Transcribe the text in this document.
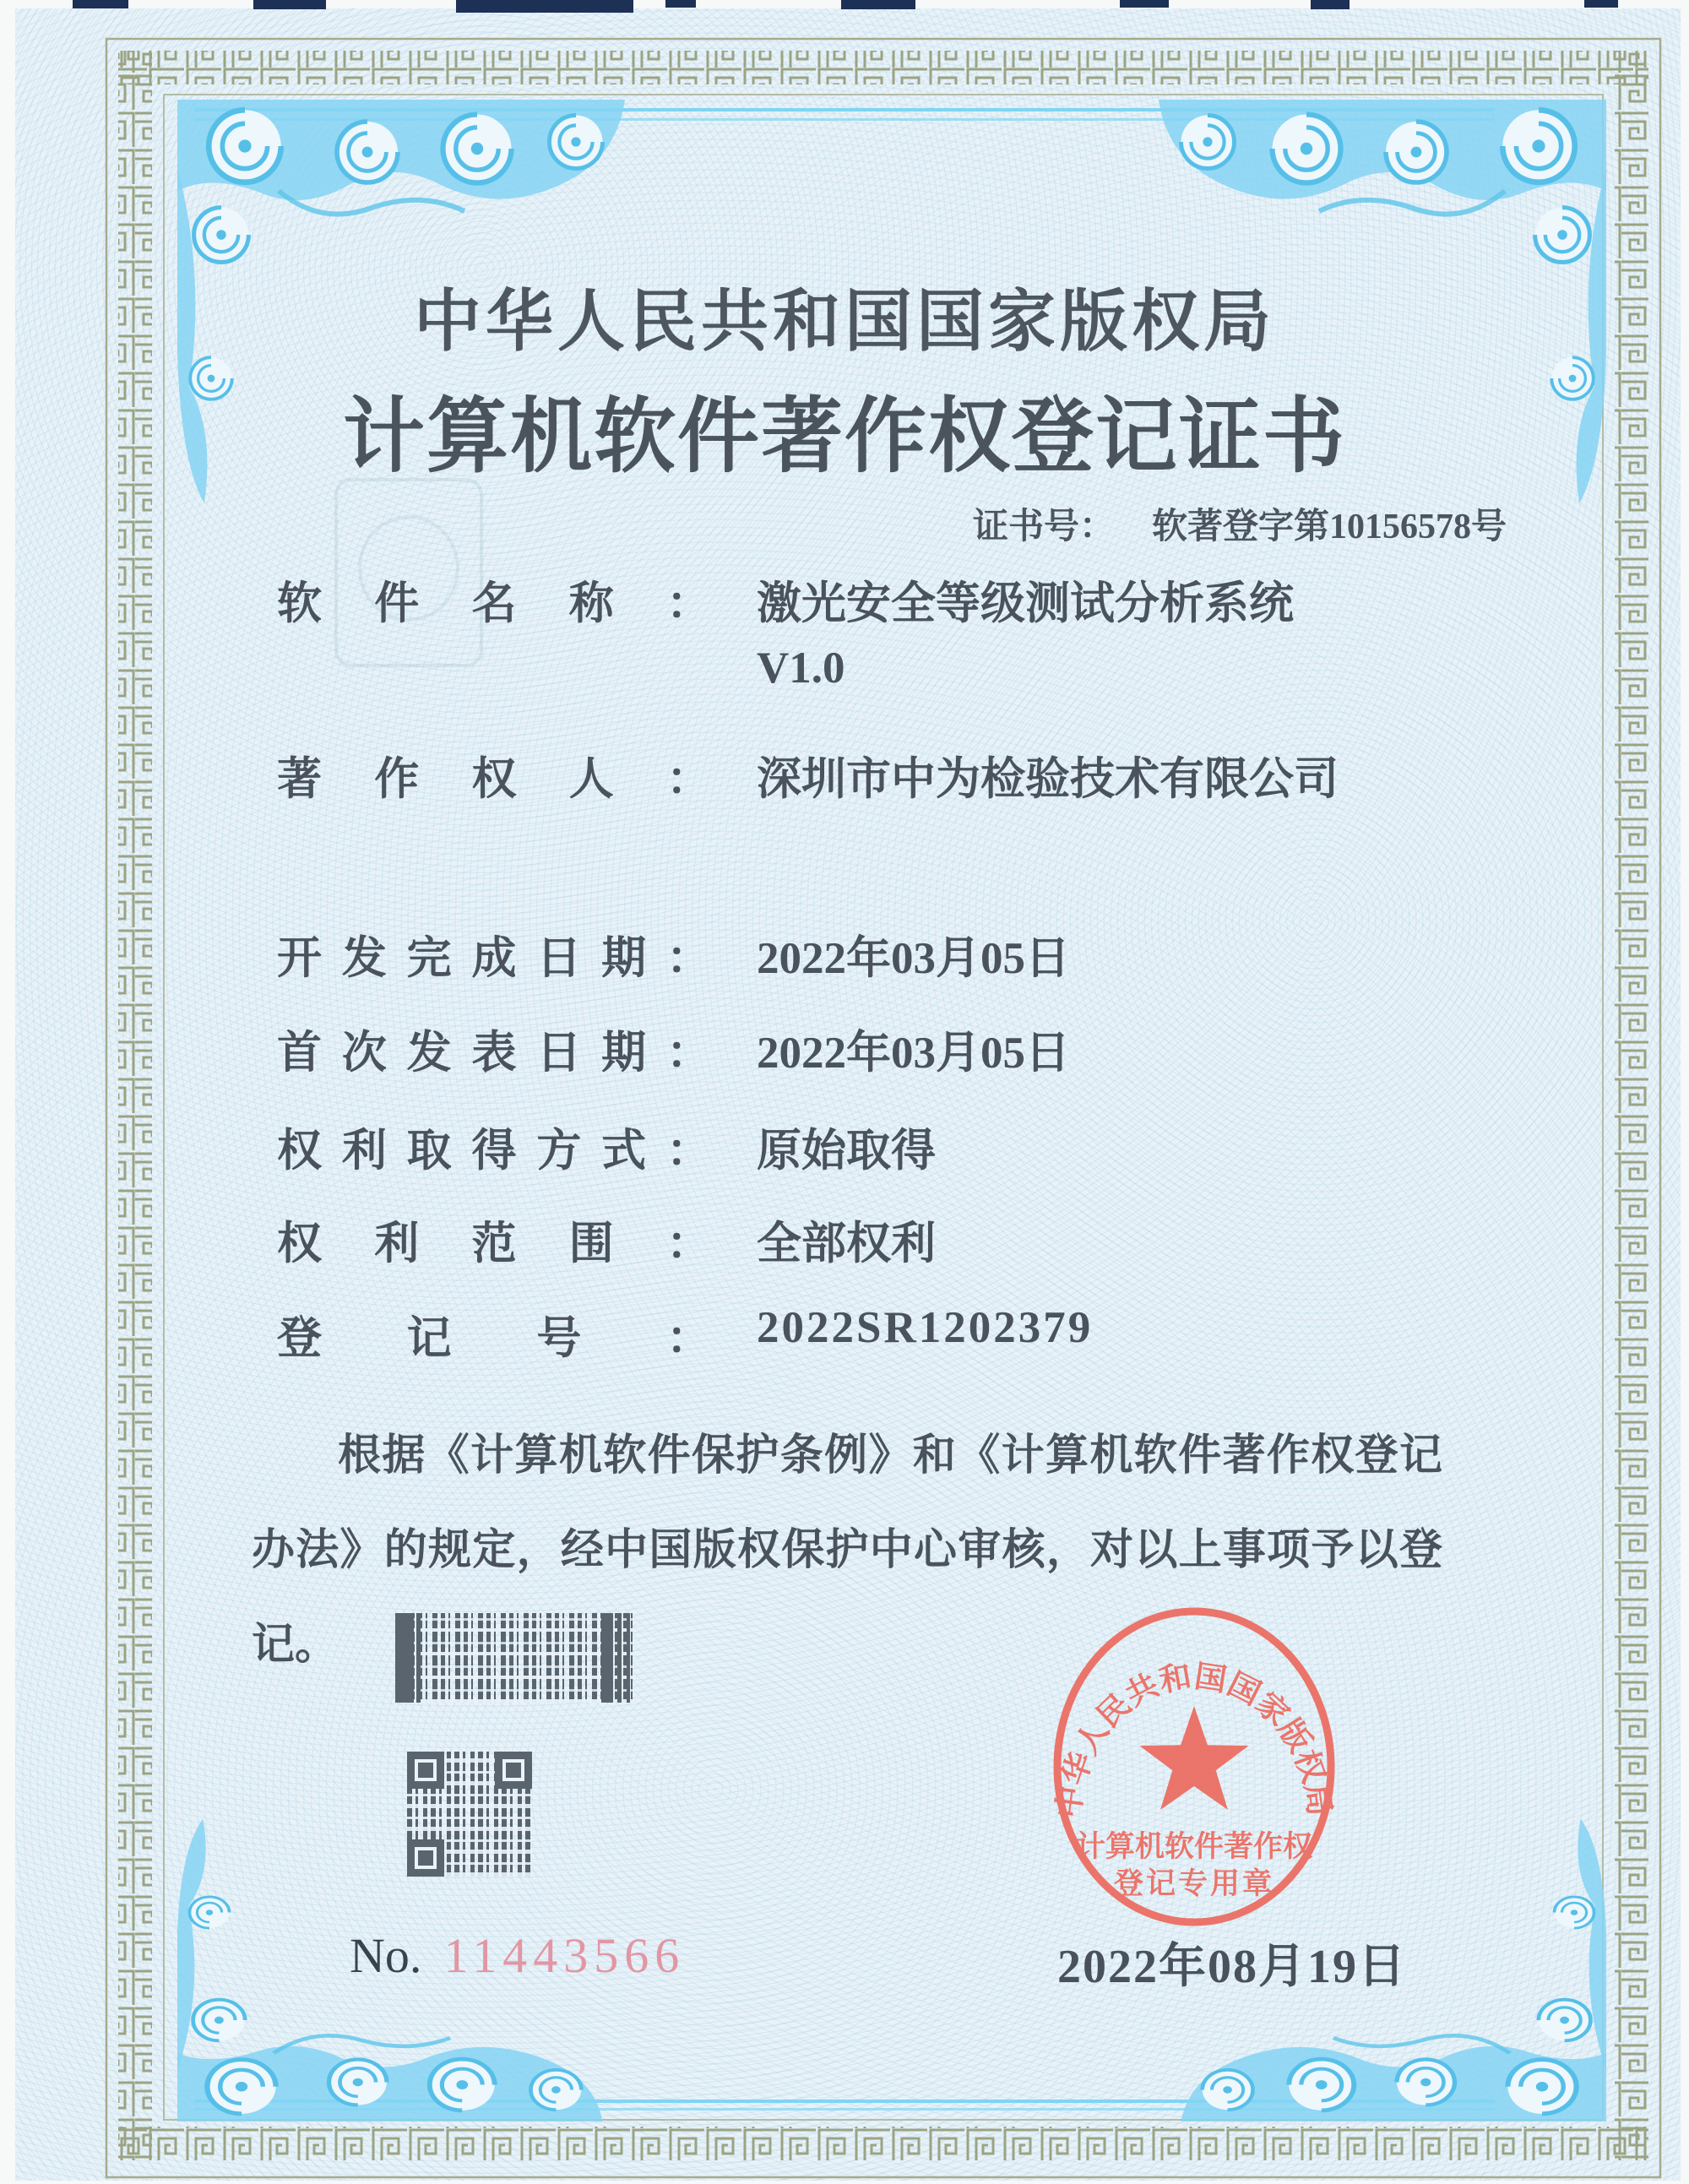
中华人民共和国国家版权局
计算机软件著作权登记证书
证书号： 软著登字第10156578号
软件名称： 激光安全等级测试分析系统
V1.0
著作权人： 深圳市中为检验技术有限公司
开发完成日期： 2022年03月05日
首次发表日期： 2022年03月05日
权利取得方式： 原始取得
权利范围： 全部权利
登记号： 2022SR1202379
根据《计算机软件保护条例》和《计算机软件著作权登记办法》的规定，经中国版权保护中心审核，对以上事项予以登记。
No. 11443566
中华人民共和国国家版权局
计算机软件著作权
登记专用章
2022年08月19日
